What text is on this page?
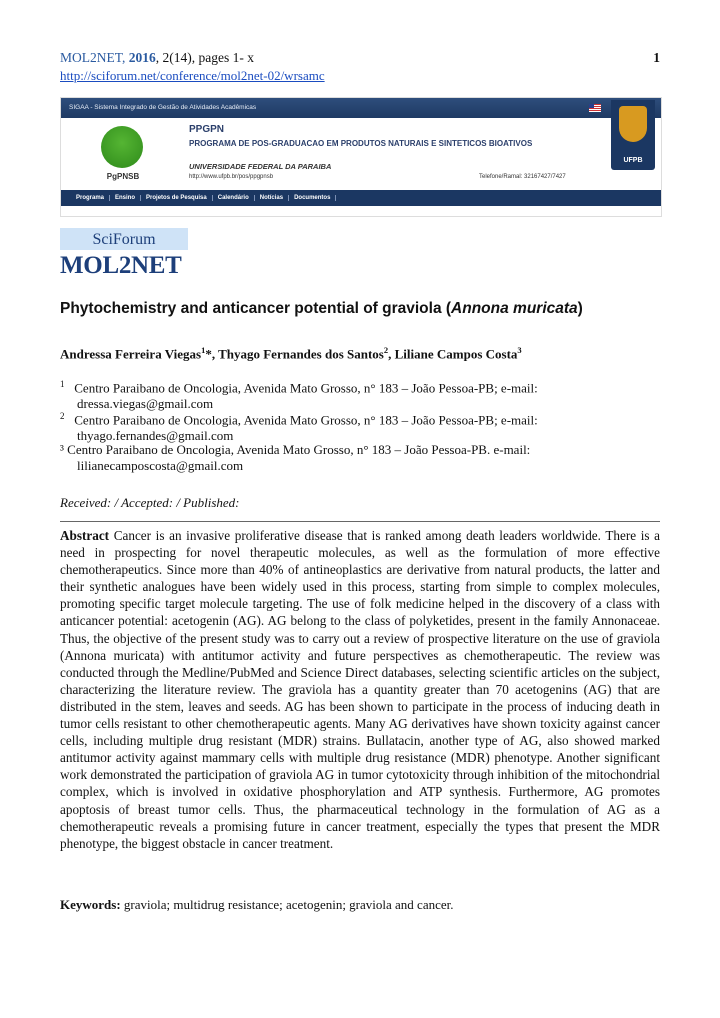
MOL2NET, 2016, 2(14), pages 1- x	1
http://sciforum.net/conference/mol2net-02/wrsamc
SIGAA - Sistema Integrado de Gestão de Atividades Acadêmicas
UFPB
PgPNSB
PPGPN
PROGRAMA DE POS-GRADUACAO EM PRODUTOS NATURAIS E SINTETICOS BIOATIVOS
UNIVERSIDADE FEDERAL DA PARAIBA
http://www.ufpb.br/pos/ppgpnsb	Telefone/Ramal: 32167427/7427
Programa	Ensino	Projetos de Pesquisa	Calendário	Notícias	Documentos
SciForum
MOL2NET
Phytochemistry and anticancer potential of graviola (Annona muricata)
Andressa Ferreira Viegas$^1$*, Thyago Fernandes dos Santos$^2$, Liliane Campos Costa$^3$
$^1$ Centro Paraibano de Oncologia, Avenida Mato Grosso, n° 183 – João Pessoa-PB; e-mail:
dressa.viegas@gmail.com
$^2$ Centro Paraibano de Oncologia, Avenida Mato Grosso, n° 183 – João Pessoa-PB; e-mail:
thyago.fernandes@gmail.com
³ Centro Paraibano de Oncologia, Avenida Mato Grosso, n° 183 – João Pessoa-PB. e-mail:
lilianecamposcosta@gmail.com
Received: / Accepted: / Published:
Abstract Cancer is an invasive proliferative disease that is ranked among death leaders worldwide. There is a need in prospecting for novel therapeutic molecules, as well as the formulation of more effective chemotherapeutics. Since more than 40% of antineoplastics are derivative from natural products, the latter and their synthetic analogues have been widely used in this process, starting from simple to complex molecules, promoting specific target molecule targeting. The use of folk medicine helped in the discovery of a class with anticancer potential: acetogenin (AG). AG belong to the class of polyketides, present in the family Annonaceae. Thus, the objective of the present study was to carry out a review of prospective literature on the use of graviola (Annona muricata) with antitumor activity and future perspectives as chemotherapeutic. The review was conducted through the Medline/PubMed and Science Direct databases, selecting scientific articles on the subject, characterizing the literature review. The graviola has a quantity greater than 70 acetogenins (AG) that are distributed in the stem, leaves and seeds. AG has been shown to participate in the process of inducing death in tumor cells resistant to other chemotherapeutic agents. Many AG derivatives have shown toxicity against cancer cells, including multiple drug resistant (MDR) strains. Bullatacin, another type of AG, also showed marked antitumor activity against mammary cells with multiple drug resistance (MDR) phenotype. Another significant work demonstrated the participation of graviola AG in tumor cytotoxicity through inhibition of the mitochondrial complex, which is involved in oxidative phosphorylation and ATP synthesis. Furthermore, AG promotes apoptosis of breast tumor cells. Thus, the pharmaceutical technology in the formulation of AG as a chemotherapeutic reveals a promising future in cancer treatment, especially the types that present the MDR phenotype, the biggest obstacle in cancer treatment.
Keywords: graviola; multidrug resistance; acetogenin; graviola and cancer.
